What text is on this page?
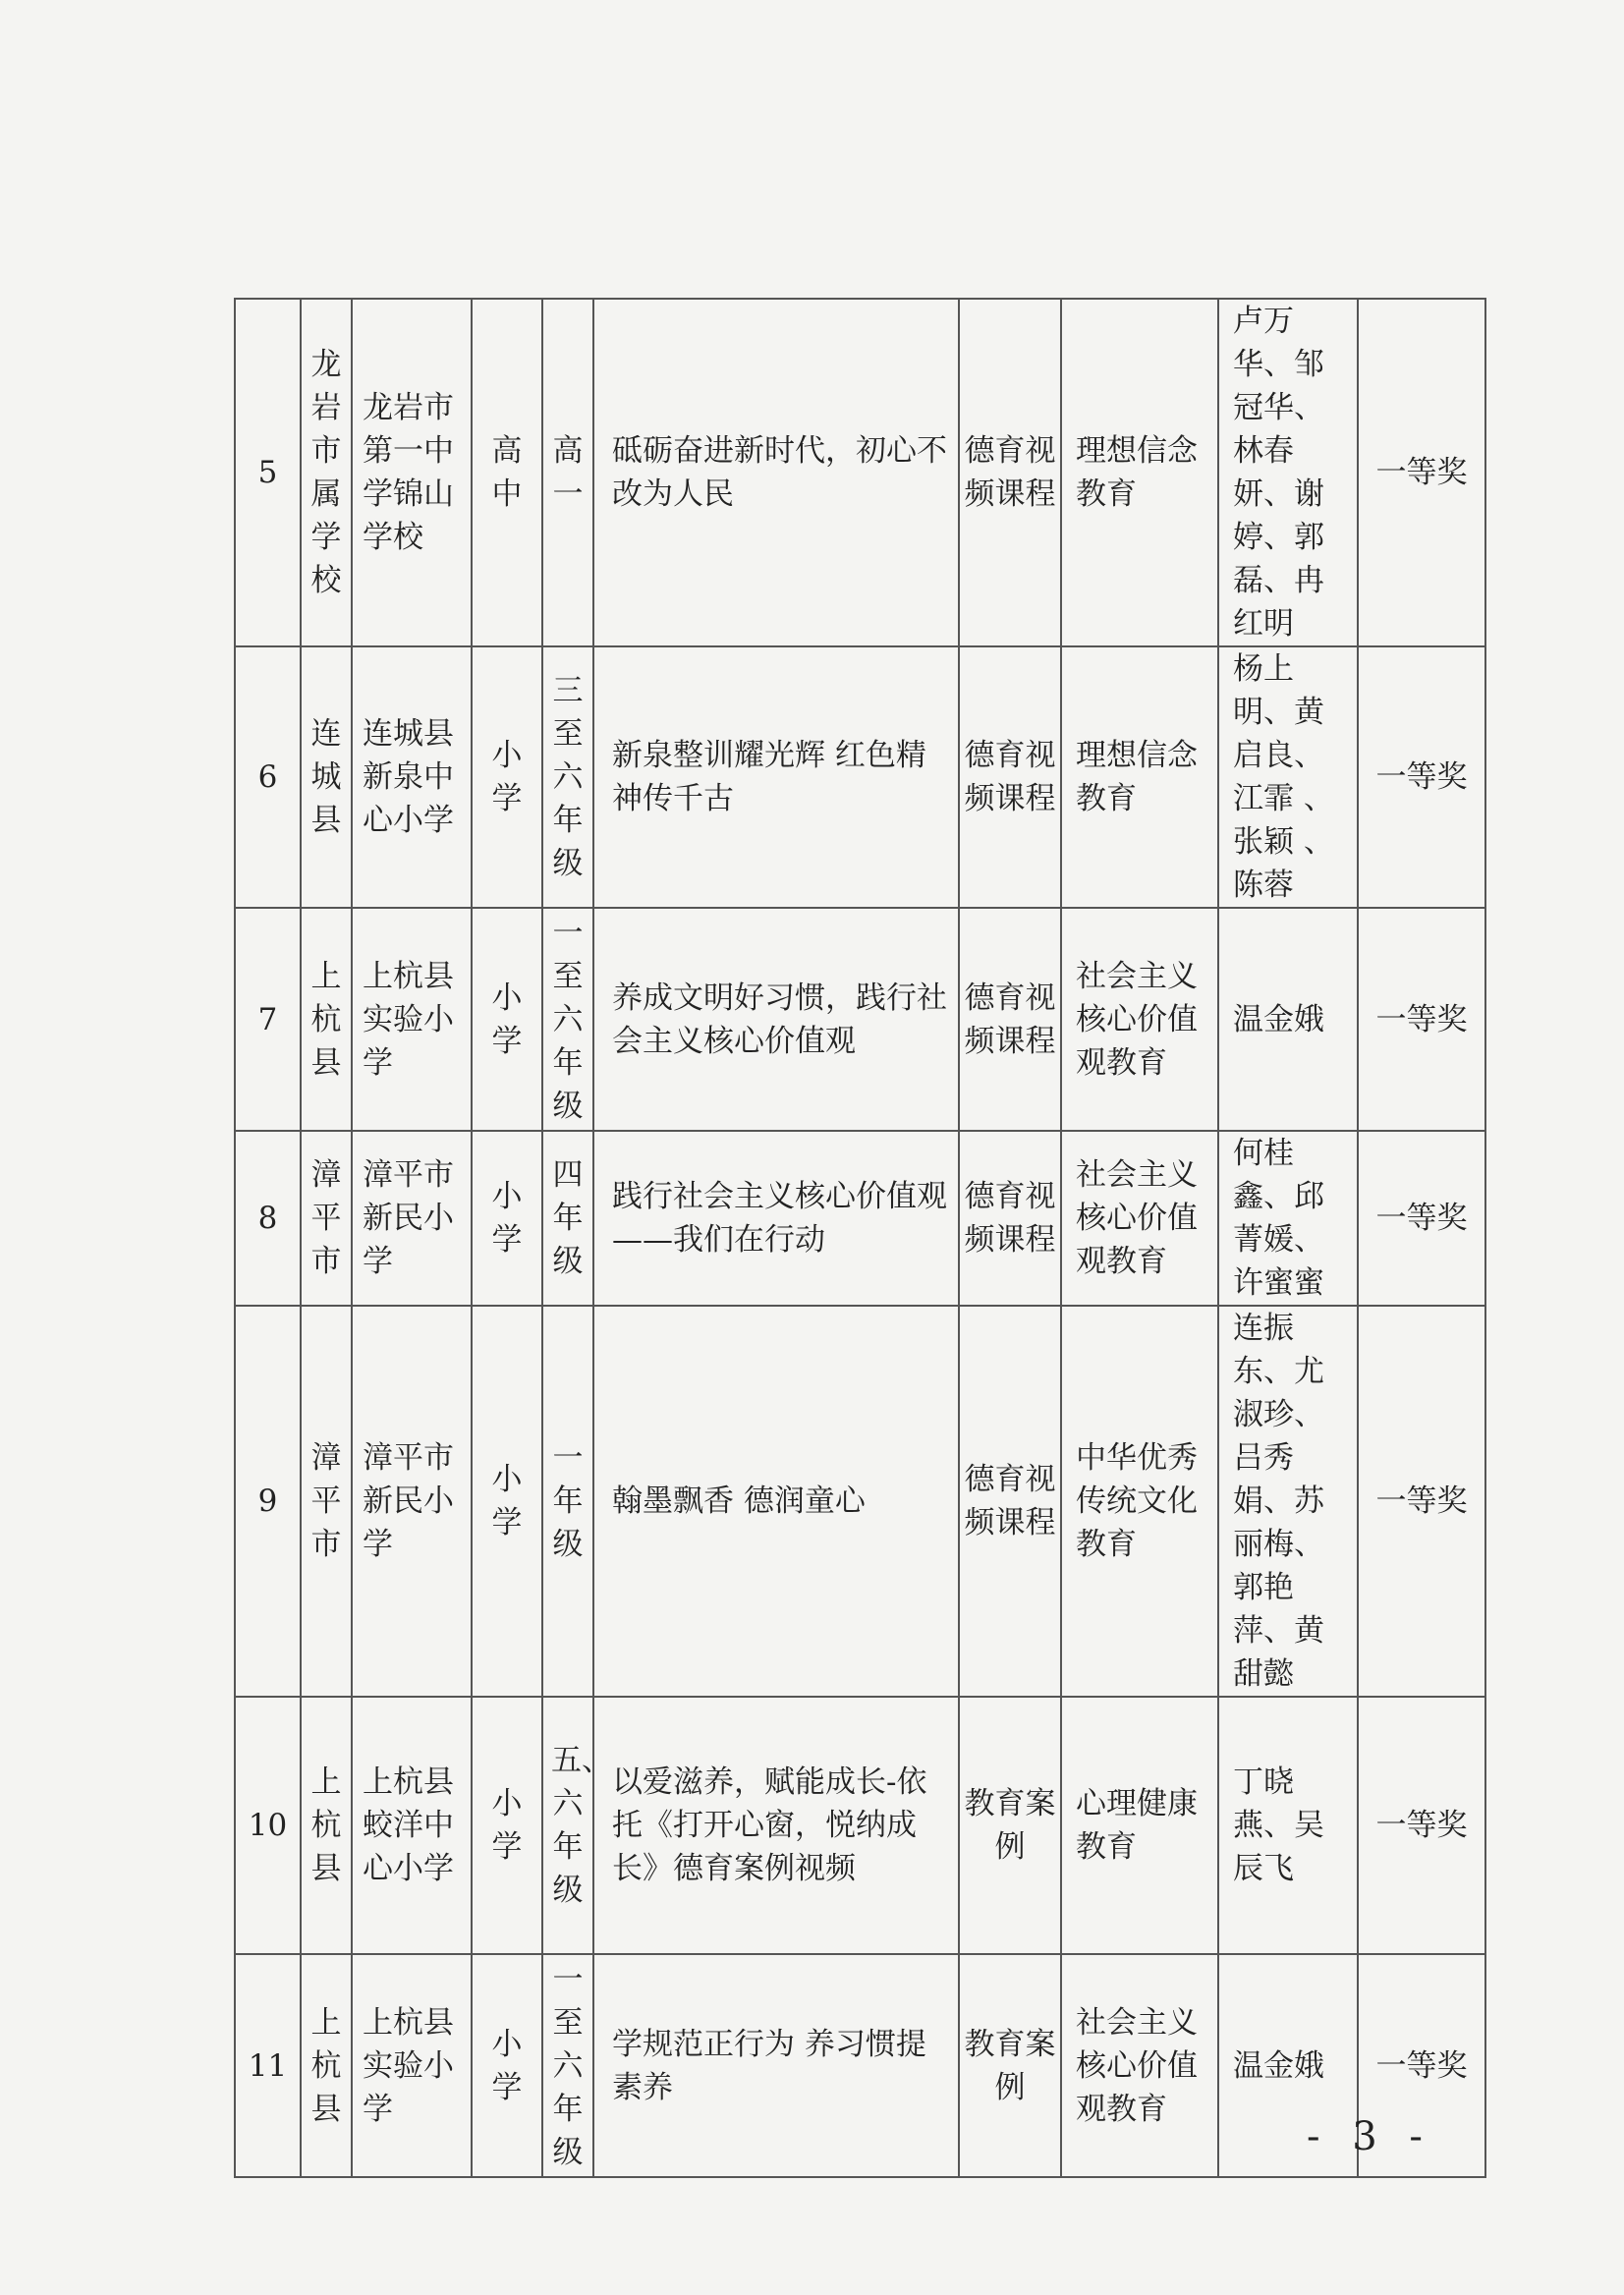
5	龙岩市属学校	龙岩市第一中学锦山学校	高中	高一	砥砺奋进新时代，初心不改为人民	德育视频课程	理想信念教育	卢万华、邹冠华、林春妍、谢婷、郭磊、冉红明	一等奖
6	连城县	连城县新泉中心小学	小学	三至六年级	新泉整训耀光辉 红色精神传千古	德育视频课程	理想信念教育	杨上明、黄启良、江霏 、张颖 、陈蓉	一等奖
7	上杭县	上杭县实验小学	小学	一至六年级	养成文明好习惯，践行社会主义核心价值观	德育视频课程	社会主义核心价值观教育	温金娥	一等奖
8	漳平市	漳平市新民小学	小学	四年级	践行社会主义核心价值观——我们在行动	德育视频课程	社会主义核心价值观教育	何桂鑫、邱菁媛、许蜜蜜	一等奖
9	漳平市	漳平市新民小学	小学	一年级	翰墨飘香 德润童心	德育视频课程	中华优秀传统文化教育	连振东、尤淑珍、吕秀娟、苏丽梅、郭艳萍、黄甜懿	一等奖
10	上杭县	上杭县蛟洋中心小学	小学	五、六年级	以爱滋养，赋能成长-依托《打开心窗，悦纳成长》德育案例视频	教育案例	心理健康教育	丁晓燕、吴辰飞	一等奖
11	上杭县	上杭县实验小学	小学	一至六年级	学规范正行为 养习惯提素养	教育案例	社会主义核心价值观教育	温金娥	一等奖
- 3 -
